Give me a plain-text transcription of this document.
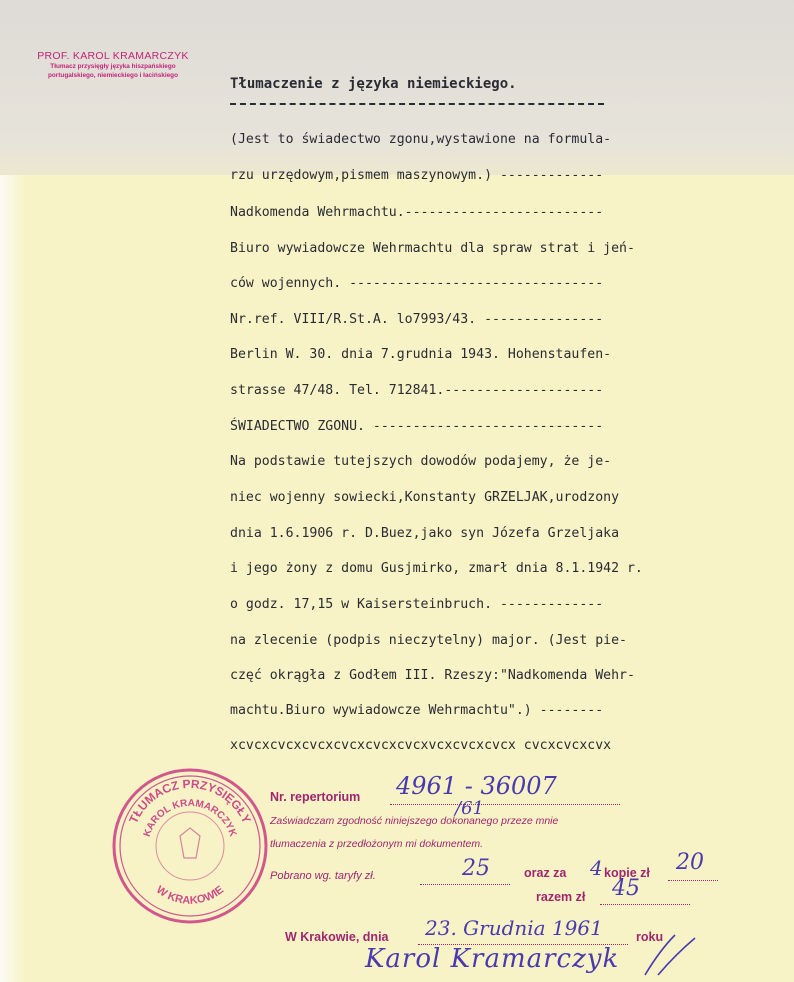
PROF. KAROL KRAMARCZYK
Tłumacz przysięgły języka hiszpańskiego
portugalskiego, niemieckiego i łacińskiego

Tłumaczenie z języka niemieckiego.

(Jest to świadectwo zgonu,wystawione na formula-

rzu urzędowym,pismem maszynowym.) -------------

Nadkomenda Wehrmachtu.-------------------------

Biuro wywiadowcze Wehrmachtu dla spraw strat i jeń-

ców wojennych. --------------------------------

Nr.ref. VIII/R.St.A. lo7993/43. ---------------

Berlin W. 30. dnia 7.grudnia 1943. Hohenstaufen-

strasse 47/48. Tel. 712841.--------------------

ŚWIADECTWO ZGONU. -----------------------------

Na podstawie tutejszych dowodów podajemy, że je-

niec wojenny sowiecki,Konstanty GRZELJAK,urodzony

dnia 1.6.1906 r. D.Buez,jako syn Józefa Grzeljaka

i jego żony z domu Gusjmirko, zmarł dnia 8.1.1942 r.

o godz. 17,15 w Kaisersteinbruch. -------------

na zlecenie (podpis nieczytelny) major. (Jest pie-

częć okrągła z Godłem III. Rzeszy:"Nadkomenda Wehr-

machtu.Biuro wywiadowcze Wehrmachtu".) --------

xcvcxcvcxcvcxcvcxcvcxcvcxvcxcvcxcvcx cvcxcvcxcvx

TŁUMACZ PRZYSIĘGŁY
KAROL KRAMARCZYK
W KRAKOWIE
Nr. repertorium 4961 - 36007
/61
Zaświadczam zgodność niniejszego dokonanego przeze mnie
tłumaczenia z przedłożonym mi dokumentem.
Pobrano wg. taryfy zł.	25	oraz za 4 kopie zł 20
razem zł 45
W Krakowie, dnia 23. Grudnia 1961	roku
Karol Kramarczyk
